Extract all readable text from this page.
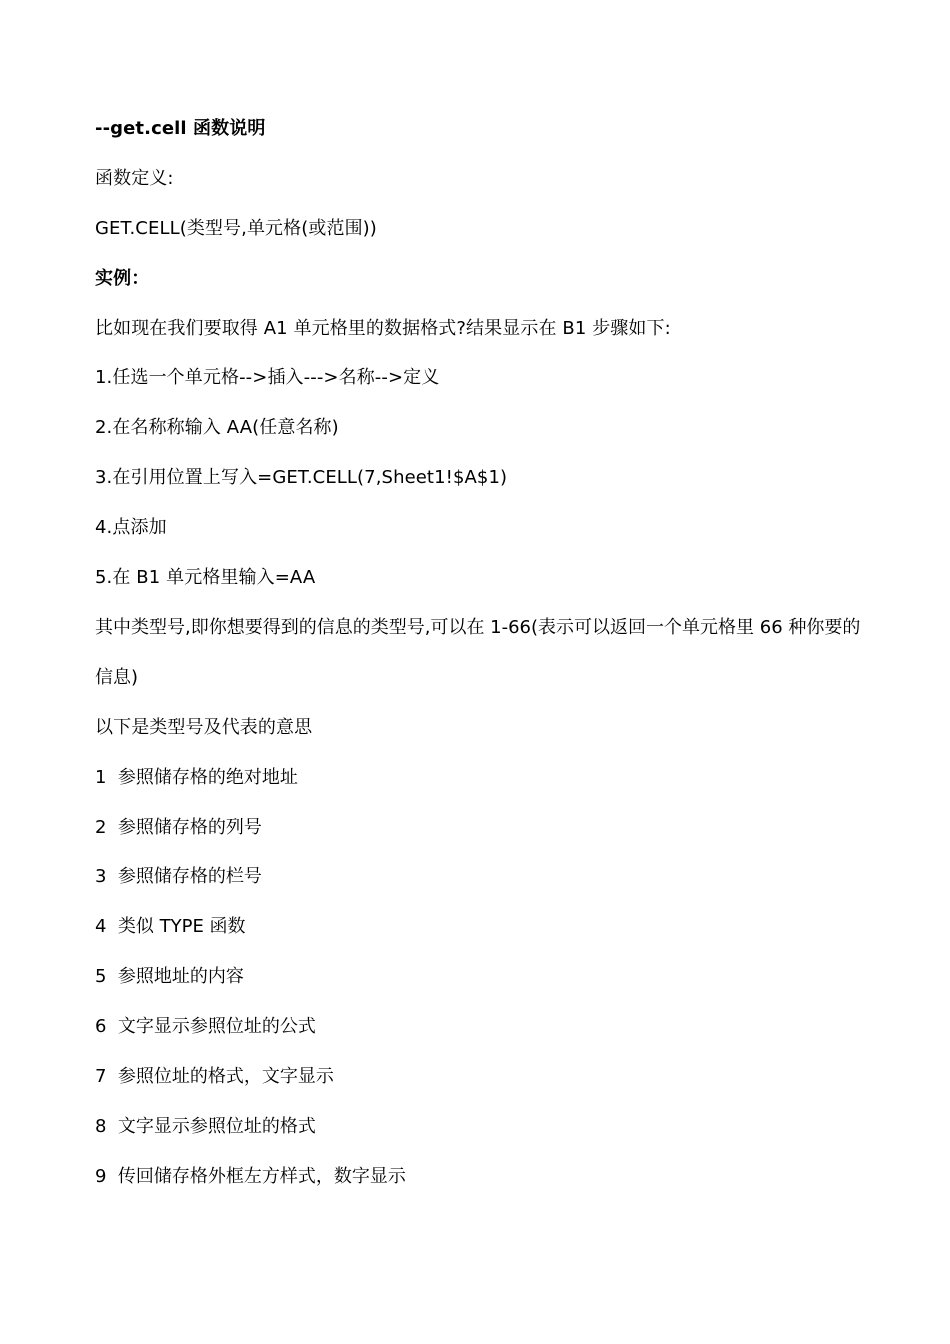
--get.cell 函数说明
函数定义:
GET.CELL(类型号,单元格(或范围))
实例：
比如现在我们要取得 A1 单元格里的数据格式?结果显示在 B1 步骤如下:
1.任选一个单元格-->插入--->名称-->定义
2.在名称称输入 AA(任意名称)
3.在引用位置上写入=GET.CELL(7,Sheet1!$A$1)
4.点添加
5.在 B1 单元格里输入=AA
其中类型号,即你想要得到的信息的类型号,可以在 1-66(表示可以返回一个单元格里 66 种你要的信息)
以下是类型号及代表的意思
1  参照储存格的绝对地址
2  参照储存格的列号
3  参照储存格的栏号
4  类似 TYPE 函数
5  参照地址的内容
6  文字显示参照位址的公式
7  参照位址的格式，文字显示
8  文字显示参照位址的格式
9  传回储存格外框左方样式，数字显示
